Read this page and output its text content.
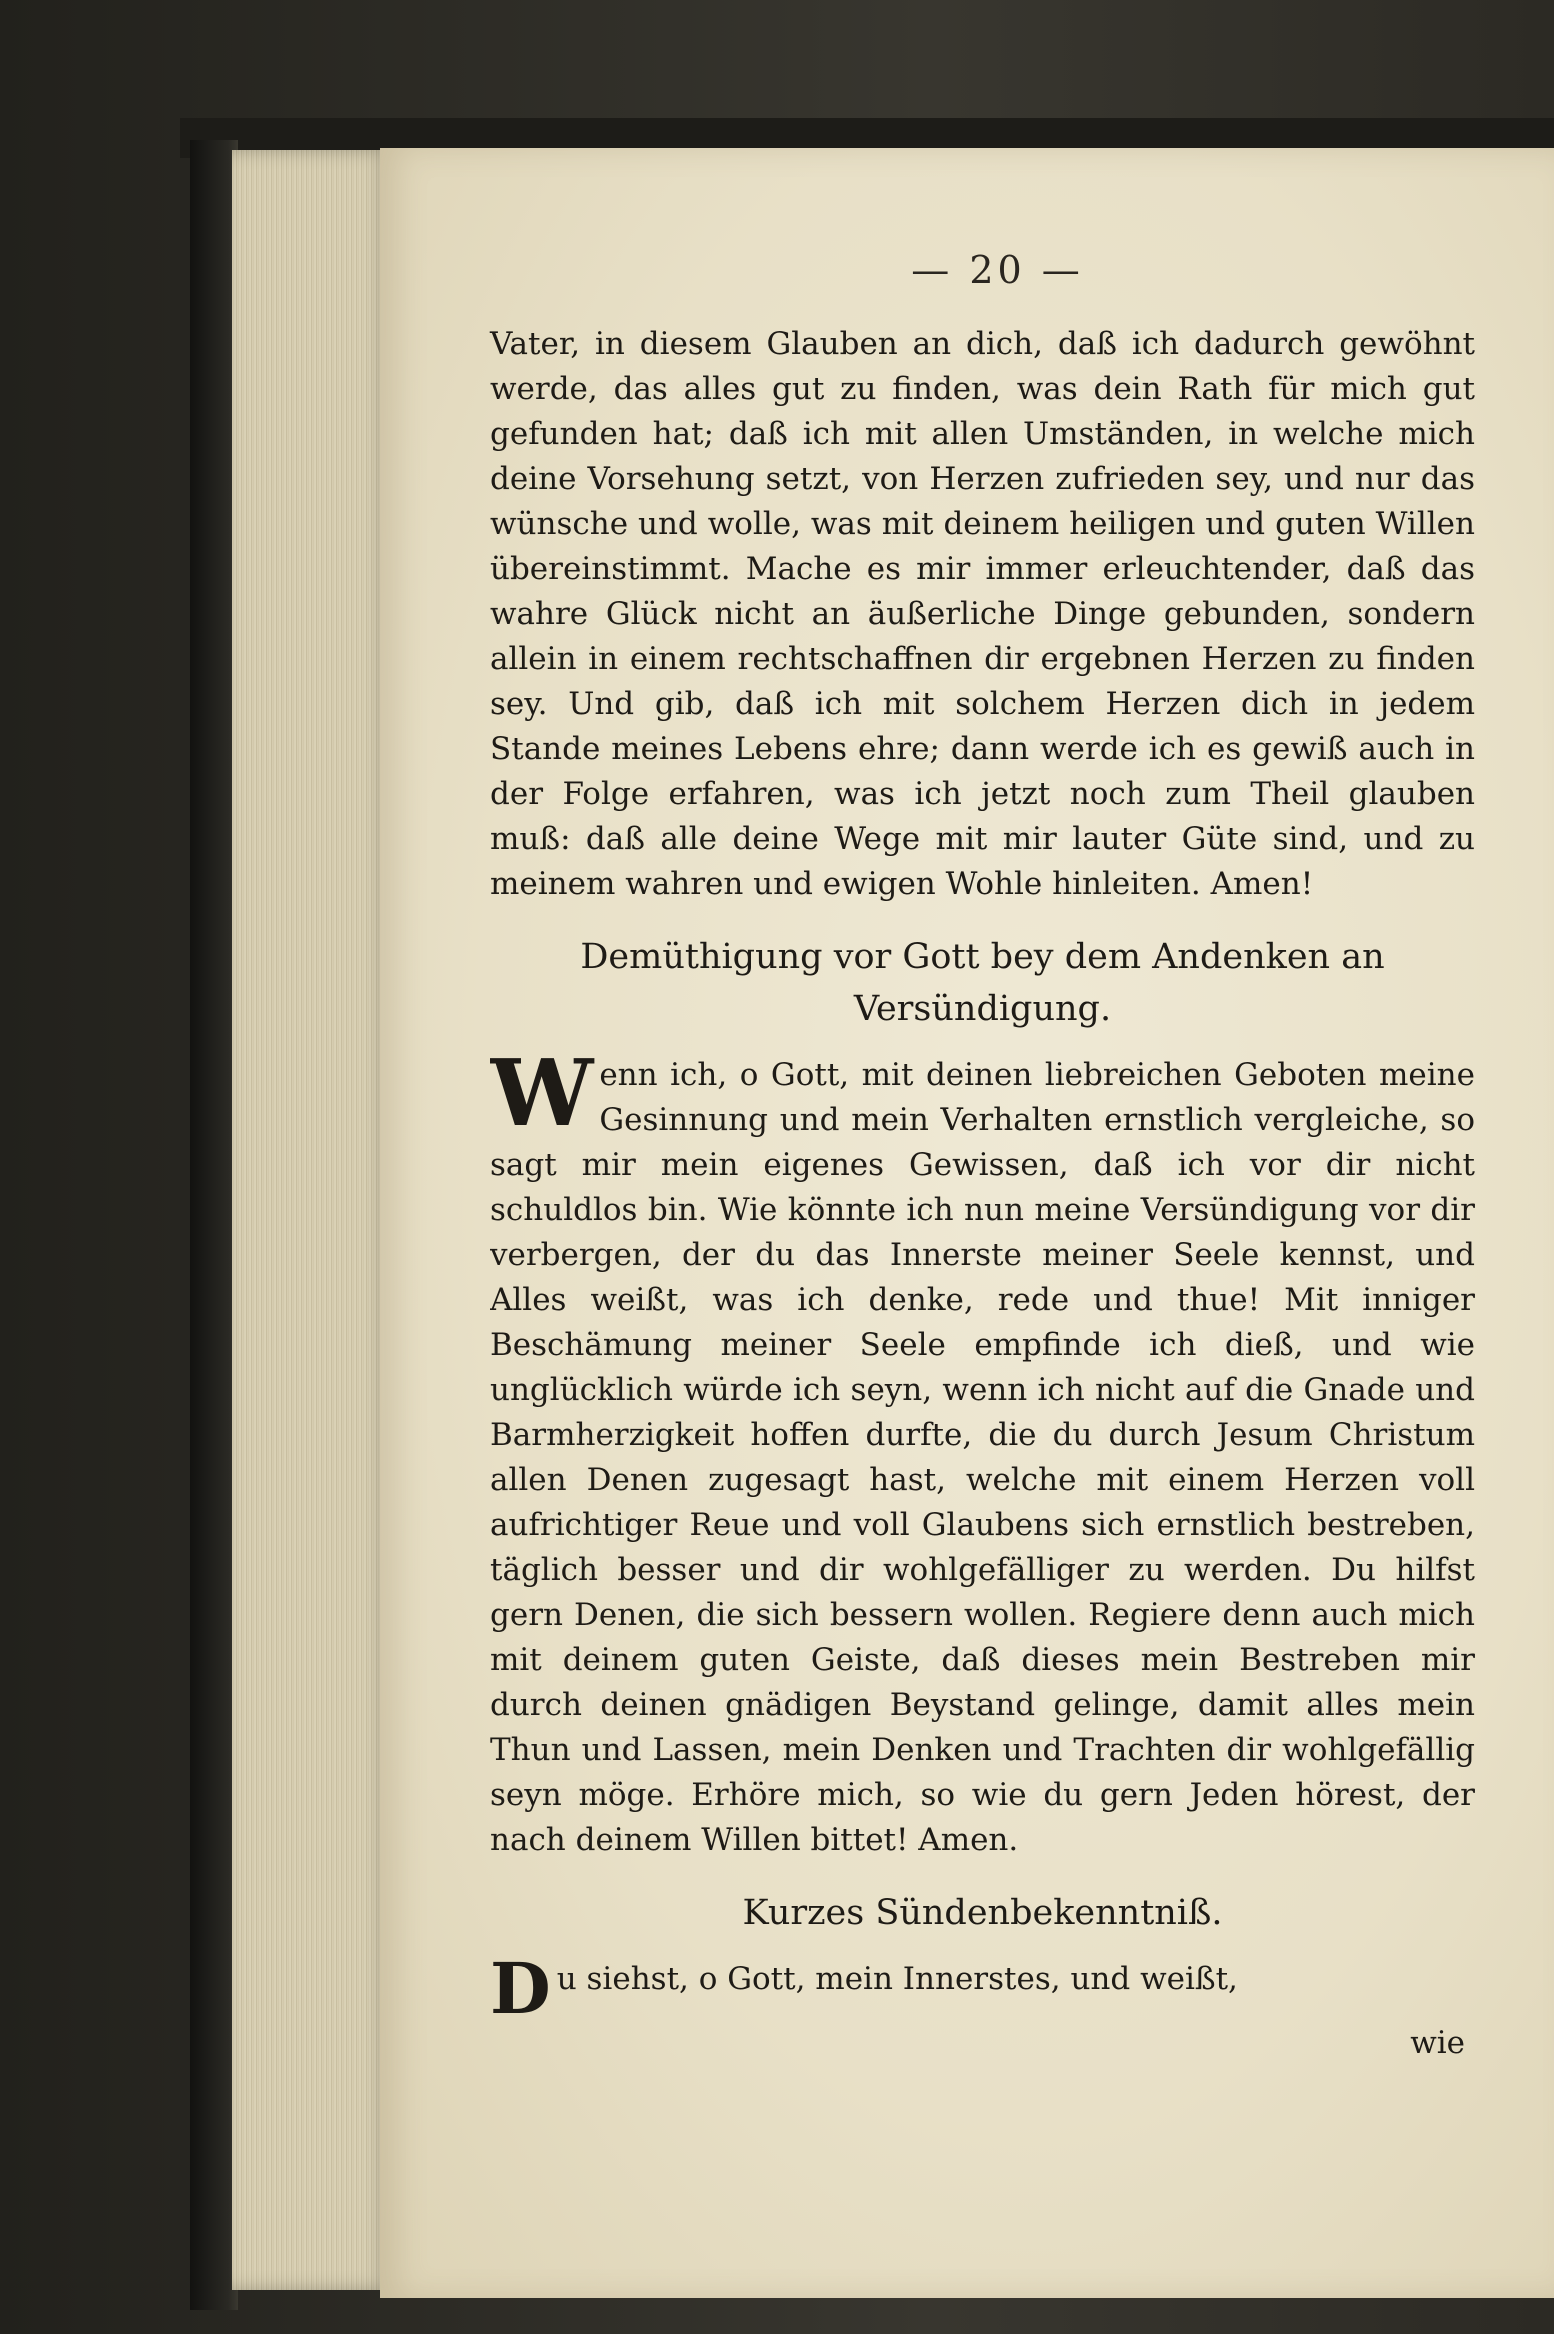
— 20 —

Vater, in diesem Glauben an dich, daß ich dadurch gewöhnt werde, das alles gut zu finden, was dein Rath für mich gut gefunden hat; daß ich mit allen Umständen, in welche mich deine Vorsehung setzt, von Herzen zufrieden sey, und nur das wünsche und wolle, was mit deinem heiligen und guten Willen übereinstimmt. Mache es mir immer erleuchtender, daß das wahre Glück nicht an äußerliche Dinge gebunden, sondern allein in einem rechtschaffnen dir ergebnen Herzen zu finden sey. Und gib, daß ich mit solchem Herzen dich in jedem Stande meines Lebens ehre; dann werde ich es gewiß auch in der Folge erfahren, was ich jetzt noch zum Theil glauben muß: daß alle deine Wege mit mir lauter Güte sind, und zu meinem wahren und ewigen Wohle hinleiten. Amen!

Demüthigung vor Gott bey dem Andenken an Versündigung.
W enn ich, o Gott, mit deinen liebreichen Geboten meine Gesinnung und mein Verhalten ernstlich vergleiche, so sagt mir mein eigenes Gewissen, daß ich vor dir nicht schuldlos bin. Wie könnte ich nun meine Versündigung vor dir verbergen, der du das Innerste meiner Seele kennst, und Alles weißt, was ich denke, rede und thue! Mit inniger Beschämung meiner Seele empfinde ich dieß, und wie unglücklich würde ich seyn, wenn ich nicht auf die Gnade und Barmherzigkeit hoffen durfte, die du durch Jesum Christum allen Denen zugesagt hast, welche mit einem Herzen voll aufrichtiger Reue und voll Glaubens sich ernstlich bestreben, täglich besser und dir wohlgefälliger zu werden. Du hilfst gern Denen, die sich bessern wollen. Regiere denn auch mich mit deinem guten Geiste, daß dieses mein Bestreben mir durch deinen gnädigen Beystand gelinge, damit alles mein Thun und Lassen, mein Denken und Trachten dir wohlgefällig seyn möge. Erhöre mich, so wie du gern Jeden hörest, der nach deinem Willen bittet! Amen.

Kurzes Sündenbekenntniß.
D u siehst, o Gott, mein Innerstes, und weißt,

wie
